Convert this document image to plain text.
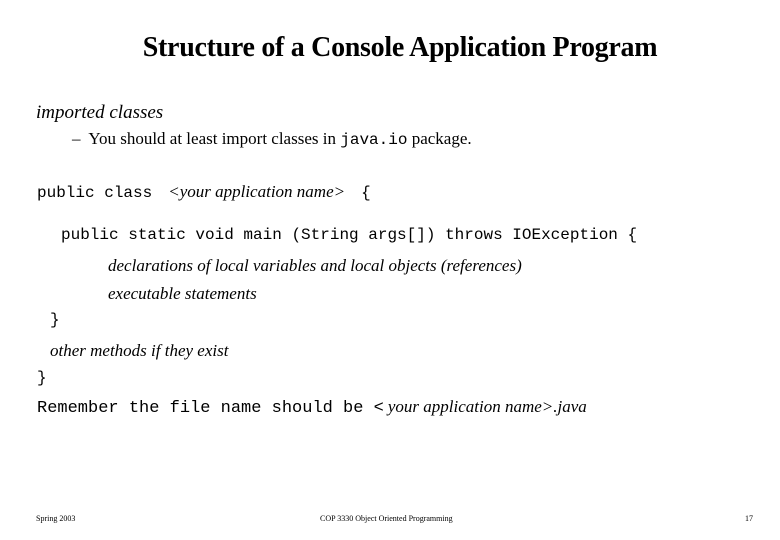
Structure of a Console Application Program
imported classes
– You should at least import classes in java.io package.
public class <your application name> {
public static void main (String args[]) throws IOException {
declarations of local variables and local objects (references)
executable statements
}
other methods if they exist
}
Remember the file name should be < your application name>.java
Spring 2003	COP 3330 Object Oriented Programming	17
